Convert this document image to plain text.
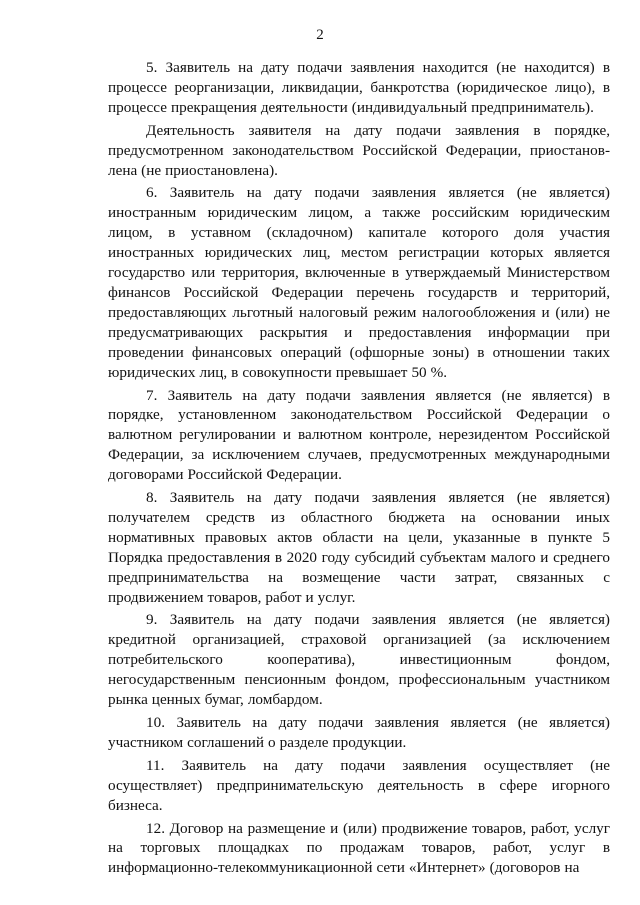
2

5. Заявитель на дату подачи заявления находится (не находится) в процессе реорганизации, ликвидации, банкротства (юридическое лицо), в процессе прекращения деятельности (индивидуальный предприниматель).

Деятельность заявителя на дату подачи заявления в порядке, предусмотренном законодательством Российской Федерации, приостановлена (не приостановлена).

6. Заявитель на дату подачи заявления является (не является) иностранным юридическим лицом, а также российским юридическим лицом, в уставном (складочном) капитале которого доля участия иностранных юридических лиц, местом регистрации которых является государство или территория, включенные в утверждаемый Министерством финансов Российской Федерации перечень государств и территорий, предоставляющих льготный налоговый режим налогообложения и (или) не предусматривающих раскрытия и предоставления информации при проведении финансовых операций (офшорные зоны) в отношении таких юридических лиц, в совокупности превышает 50 %.

7. Заявитель на дату подачи заявления является (не является) в порядке, установленном законодательством Российской Федерации о валютном регулировании и валютном контроле, нерезидентом Российской Федерации, за исключением случаев, предусмотренных международными договорами Российской Федерации.

8. Заявитель на дату подачи заявления является (не является) получателем средств из областного бюджета на основании иных нормативных правовых актов области на цели, указанные в пункте 5 Порядка предоставления в 2020 году субсидий субъектам малого и среднего предпринимательства на возмещение части затрат, связанных с продвижением товаров, работ и услуг.

9. Заявитель на дату подачи заявления является (не является) кредитной организацией, страховой организацией (за исключением потребительского кооператива), инвестиционным фондом, негосударственным пенсионным фондом, профессиональным участником рынка ценных бумаг, ломбардом.

10. Заявитель на дату подачи заявления является (не является) участником соглашений о разделе продукции.

11. Заявитель на дату подачи заявления осуществляет (не осуществляет) предпринимательскую деятельность в сфере игорного бизнеса.

12. Договор на размещение и (или) продвижение товаров, работ, услуг на торговых площадках по продажам товаров, работ, услуг в информационно-телекоммуникационной сети «Интернет» (договоров на
